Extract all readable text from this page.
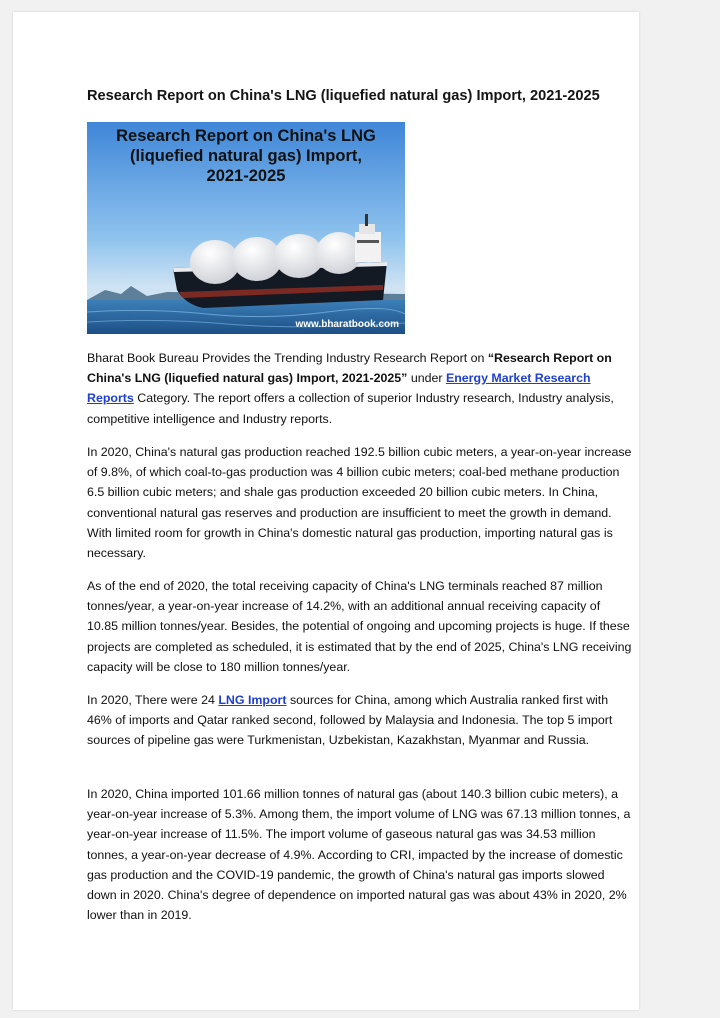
Research Report on China's LNG (liquefied natural gas) Import, 2021-2025
Research Report on China's LNG
(liquefied natural gas) Import,
2021-2025
www.bharatbook.com

Bharat Book Bureau Provides the Trending Industry Research Report on “Research Report on China's LNG (liquefied natural gas) Import, 2021-2025” under Energy Market Research Reports Category. The report offers a collection of superior Industry research, Industry analysis, competitive intelligence and Industry reports.

In 2020, China's natural gas production reached 192.5 billion cubic meters, a year-on-year increase of 9.8%, of which coal-to-gas production was 4 billion cubic meters; coal-bed methane production 6.5 billion cubic meters; and shale gas production exceeded 20 billion cubic meters. In China, conventional natural gas reserves and production are insufficient to meet the growth in demand. With limited room for growth in China's domestic natural gas production, importing natural gas is necessary.

As of the end of 2020, the total receiving capacity of China's LNG terminals reached 87 million tonnes/year, a year-on-year increase of 14.2%, with an additional annual receiving capacity of 10.85 million tonnes/year. Besides, the potential of ongoing and upcoming projects is huge. If these projects are completed as scheduled, it is estimated that by the end of 2025, China's LNG receiving capacity will be close to 180 million tonnes/year.

In 2020, There were 24 LNG Import sources for China, among which Australia ranked first with 46% of imports and Qatar ranked second, followed by Malaysia and Indonesia. The top 5 import sources of pipeline gas were Turkmenistan, Uzbekistan, Kazakhstan, Myanmar and Russia.

In 2020, China imported 101.66 million tonnes of natural gas (about 140.3 billion cubic meters), a year-on-year increase of 5.3%. Among them, the import volume of LNG was 67.13 million tonnes, a year-on-year increase of 11.5%. The import volume of gaseous natural gas was 34.53 million tonnes, a year-on-year decrease of 4.9%. According to CRI, impacted by the increase of domestic gas production and the COVID-19 pandemic, the growth of China's natural gas imports slowed down in 2020. China's degree of dependence on imported natural gas was about 43% in 2020, 2% lower than in 2019.
